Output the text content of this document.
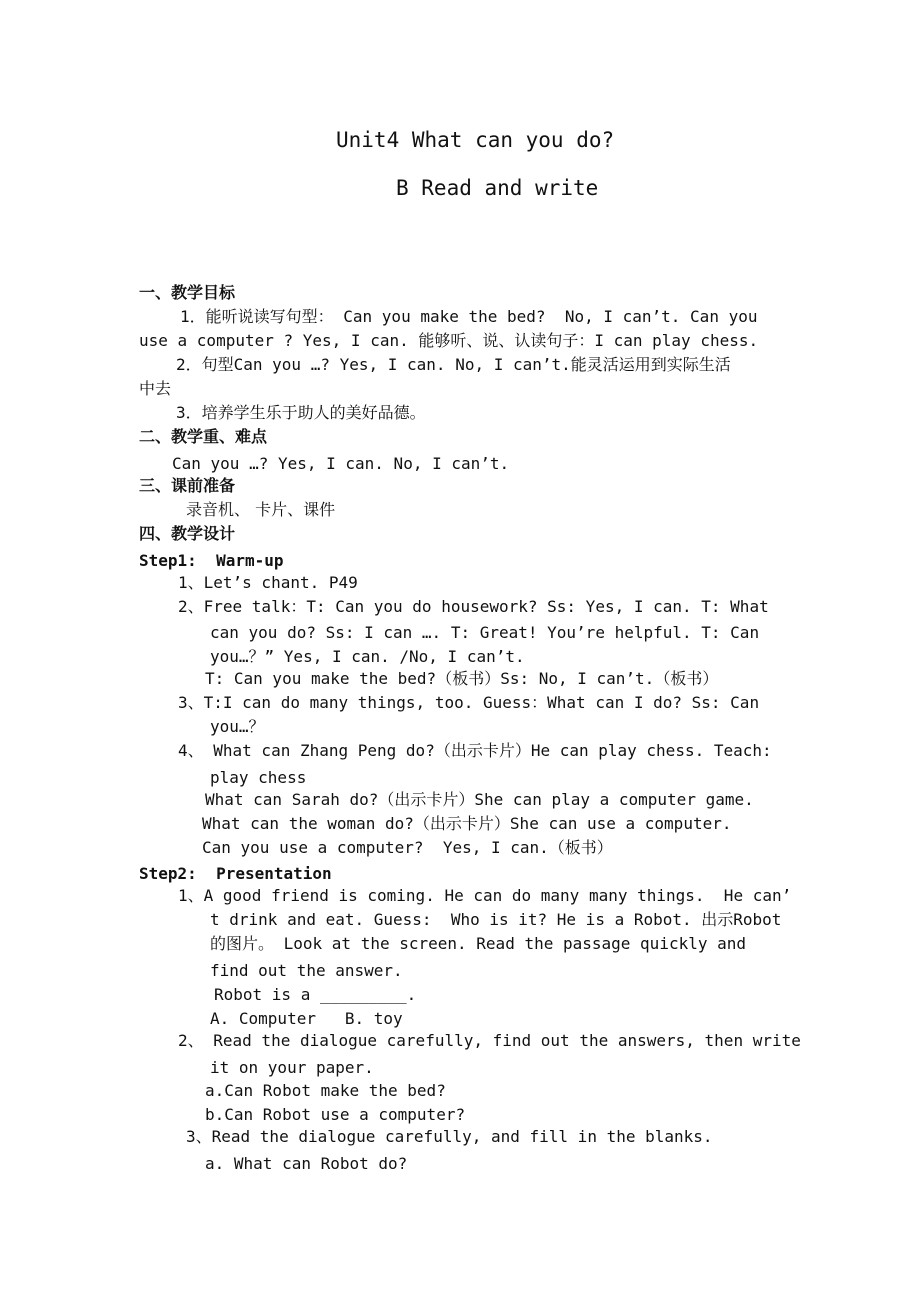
Unit4 What can you do?
B Read and write
一、教学目标
1．能听说读写句型： Can you make the bed?  No, I can’t. Can you
use a computer ? Yes, I can. 能够听、说、认读句子：I can play chess.
2．句型Can you …? Yes, I can. No, I can’t.能灵活运用到实际生活
中去
3．培养学生乐于助人的美好品德。
二、教学重、难点
Can you …? Yes, I can. No, I can’t.
三、课前准备
录音机、 卡片、课件
四、教学设计
Step1:  Warm-up
1、Let’s chant. P49
2、Free talk：T: Can you do housework? Ss: Yes, I can. T: What
can you do? Ss: I can …. T: Great! You’re helpful. T: Can
you…？” Yes, I can. /No, I can’t.
T: Can you make the bed?（板书）Ss: No, I can’t.（板书）
3、T:I can do many things, too. Guess：What can I do? Ss: Can
you…？
4、 What can Zhang Peng do?（出示卡片）He can play chess. Teach:
play chess
What can Sarah do?（出示卡片）She can play a computer game.
What can the woman do?（出示卡片）She can use a computer.
Can you use a computer?  Yes, I can.（板书）
Step2:  Presentation
1、A good friend is coming. He can do many many things.  He can’
t drink and eat. Guess:  Who is it? He is a Robot. 出示Robot
的图片。 Look at the screen. Read the passage quickly and
find out the answer.
Robot is a _________.
A. Computer   B. toy
2、 Read the dialogue carefully, find out the answers, then write
it on your paper.
a.Can Robot make the bed?
b.Can Robot use a computer?
3、Read the dialogue carefully, and fill in the blanks.
a. What can Robot do?
